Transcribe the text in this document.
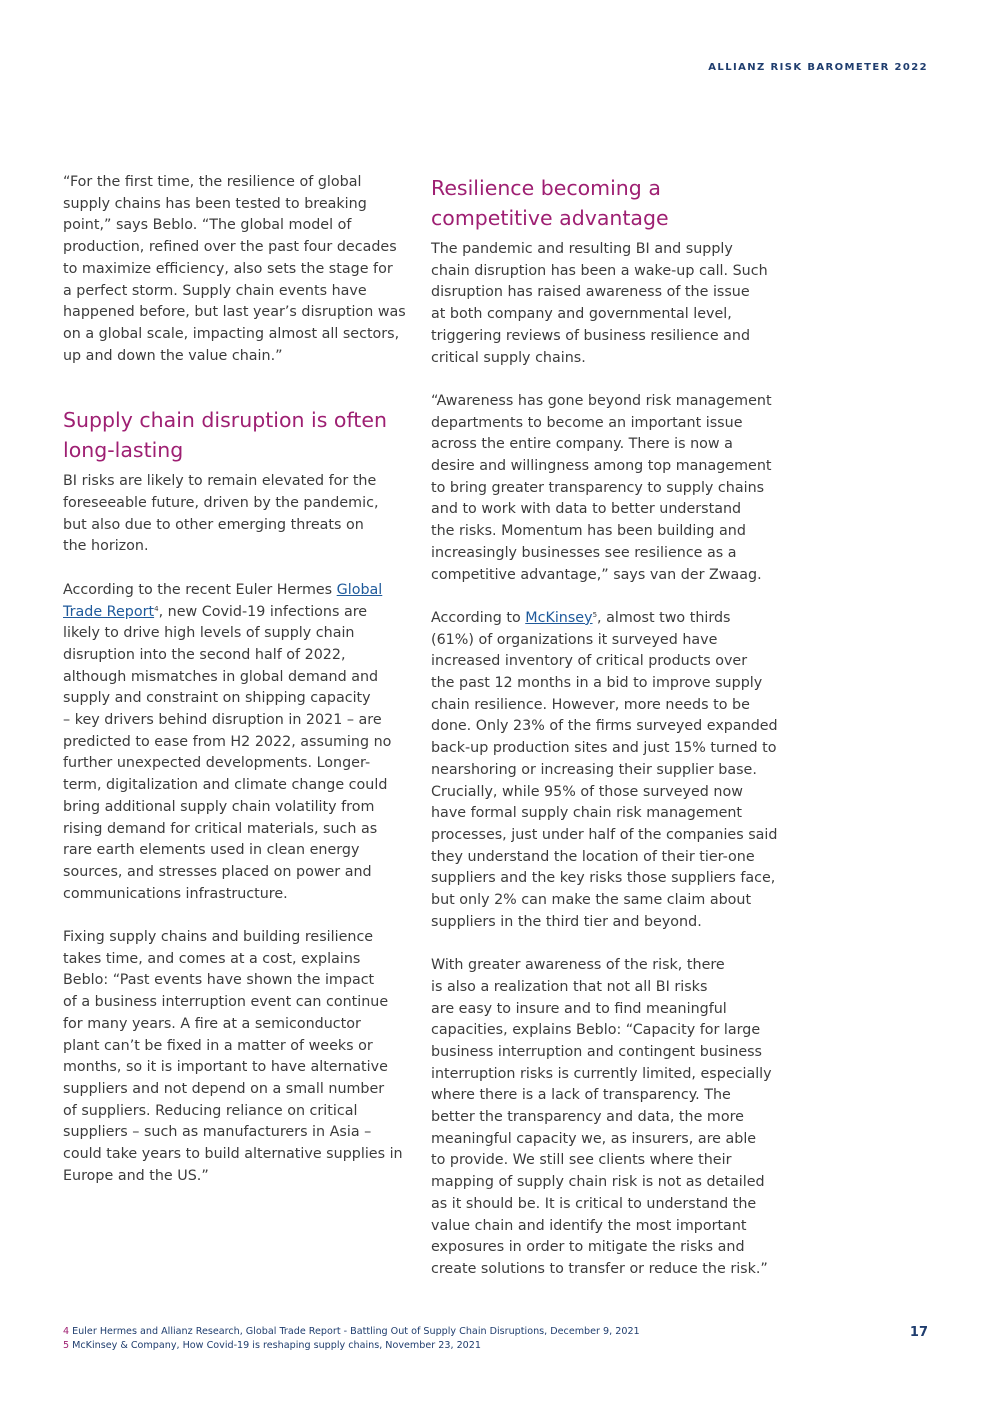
ALLIANZ RISK BAROMETER 2022

“For the first time, the resilience of global
supply chains has been tested to breaking
point,” says Beblo. “The global model of
production, refined over the past four decades
to maximize efficiency, also sets the stage for
a perfect storm. Supply chain events have
happened before, but last year’s disruption was
on a global scale, impacting almost all sectors,
up and down the value chain.”

Supply chain disruption is often
long-lasting

BI risks are likely to remain elevated for the
foreseeable future, driven by the pandemic,
but also due to other emerging threats on
the horizon.

According to the recent Euler Hermes Global
Trade Report$^4$, new Covid-19 infections are
likely to drive high levels of supply chain
disruption into the second half of 2022,
although mismatches in global demand and
supply and constraint on shipping capacity
– key drivers behind disruption in 2021 – are
predicted to ease from H2 2022, assuming no
further unexpected developments. Longer-
term, digitalization and climate change could
bring additional supply chain volatility from
rising demand for critical materials, such as
rare earth elements used in clean energy
sources, and stresses placed on power and
communications infrastructure.

Fixing supply chains and building resilience
takes time, and comes at a cost, explains
Beblo: “Past events have shown the impact
of a business interruption event can continue
for many years. A fire at a semiconductor
plant can’t be fixed in a matter of weeks or
months, so it is important to have alternative
suppliers and not depend on a small number
of suppliers. Reducing reliance on critical
suppliers – such as manufacturers in Asia –
could take years to build alternative supplies in
Europe and the US.”

Resilience becoming a
competitive advantage

The pandemic and resulting BI and supply
chain disruption has been a wake-up call. Such
disruption has raised awareness of the issue
at both company and governmental level,
triggering reviews of business resilience and
critical supply chains.

“Awareness has gone beyond risk management
departments to become an important issue
across the entire company. There is now a
desire and willingness among top management
to bring greater transparency to supply chains
and to work with data to better understand
the risks. Momentum has been building and
increasingly businesses see resilience as a
competitive advantage,” says van der Zwaag.

According to McKinsey$^5$, almost two thirds
(61%) of organizations it surveyed have
increased inventory of critical products over
the past 12 months in a bid to improve supply
chain resilience. However, more needs to be
done. Only 23% of the firms surveyed expanded
back-up production sites and just 15% turned to
nearshoring or increasing their supplier base.
Crucially, while 95% of those surveyed now
have formal supply chain risk management
processes, just under half of the companies said
they understand the location of their tier-one
suppliers and the key risks those suppliers face,
but only 2% can make the same claim about
suppliers in the third tier and beyond.

With greater awareness of the risk, there
is also a realization that not all BI risks
are easy to insure and to find meaningful
capacities, explains Beblo: “Capacity for large
business interruption and contingent business
interruption risks is currently limited, especially
where there is a lack of transparency. The
better the transparency and data, the more
meaningful capacity we, as insurers, are able
to provide. We still see clients where their
mapping of supply chain risk is not as detailed
as it should be. It is critical to understand the
value chain and identify the most important
exposures in order to mitigate the risks and
create solutions to transfer or reduce the risk.”

4 Euler Hermes and Allianz Research, Global Trade Report - Battling Out of Supply Chain Disruptions, December 9, 2021
5 McKinsey & Company, How Covid-19 is reshaping supply chains, November 23, 2021
17
